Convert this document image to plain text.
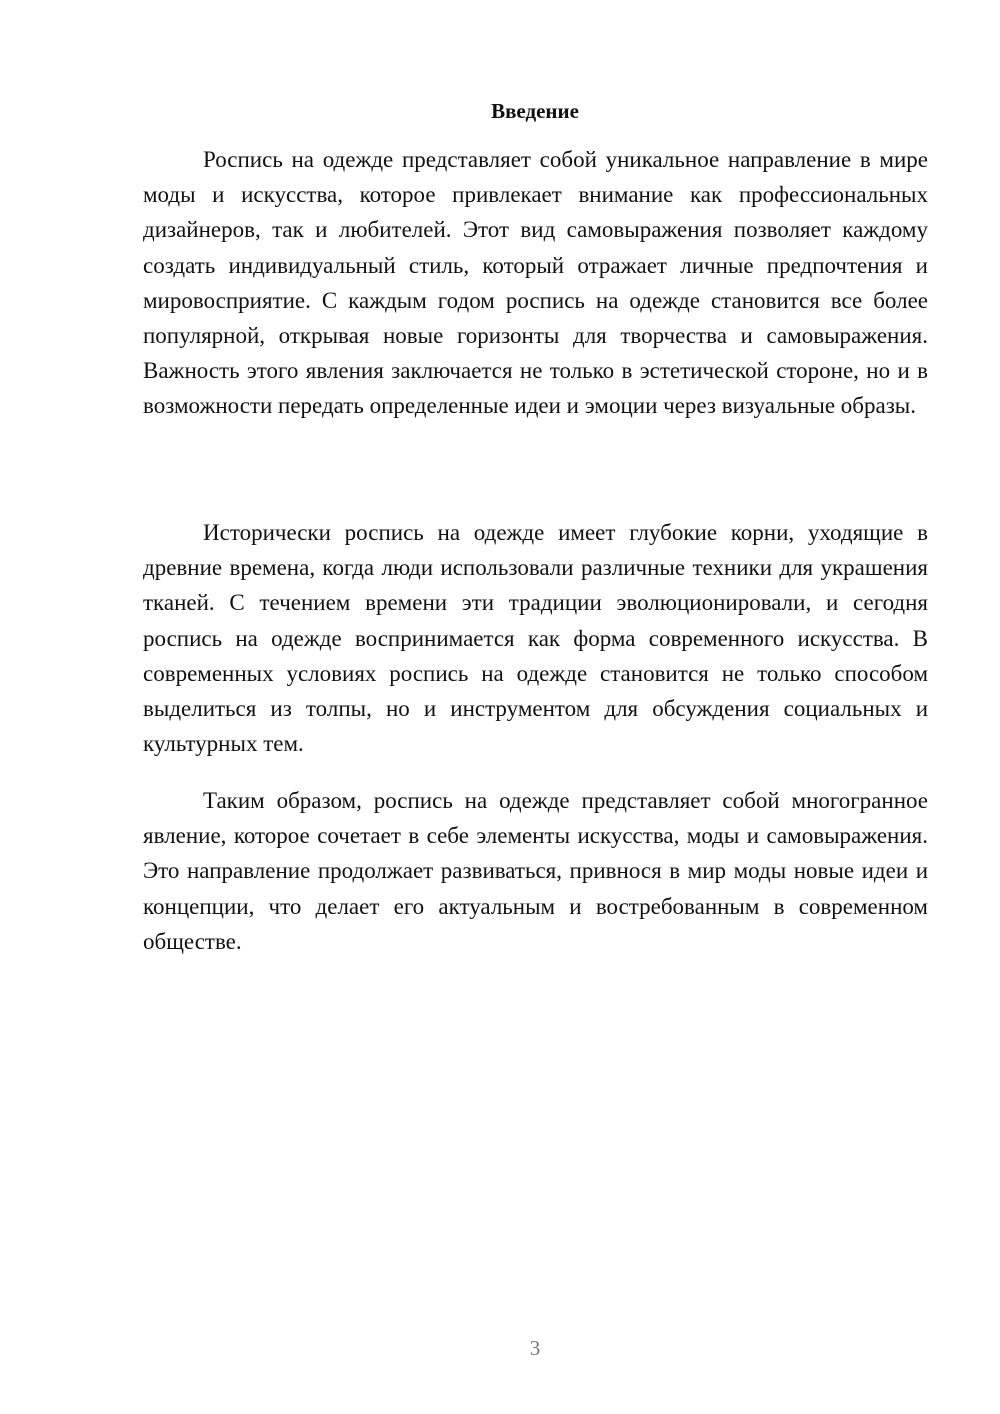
Введение

Роспись на одежде представляет собой уникальное направление в мире моды и искусства, которое привлекает внимание как профессиональных дизайнеров, так и любителей. Этот вид самовыражения позволяет каждому создать индивидуальный стиль, который отражает личные предпочтения и мировосприятие. С каждым годом роспись на одежде становится все более популярной, открывая новые горизонты для творчества и самовыражения. Важность этого явления заключается не только в эстетической стороне, но и в возможности передать определенные идеи и эмоции через визуальные образы.

Исторически роспись на одежде имеет глубокие корни, уходящие в древние времена, когда люди использовали различные техники для украшения тканей. С течением времени эти традиции эволюционировали, и сегодня роспись на одежде воспринимается как форма современного искусства. В современных условиях роспись на одежде становится не только способом выделиться из толпы, но и инструментом для обсуждения социальных и культурных тем.

Таким образом, роспись на одежде представляет собой многогранное явление, которое сочетает в себе элементы искусства, моды и самовыражения. Это направление продолжает развиваться, привнося в мир моды новые идеи и концепции, что делает его актуальным и востребованным в современном обществе.

3
